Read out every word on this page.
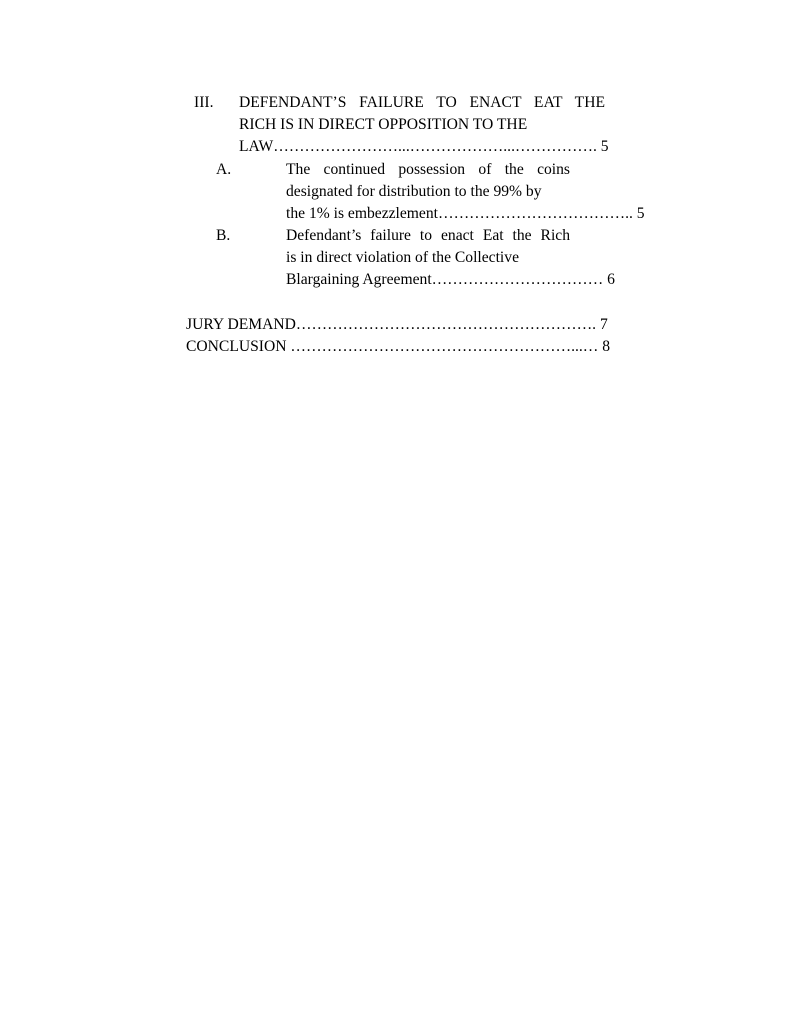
III. DEFENDANT’S FAILURE TO ENACT EAT THE
RICH IS IN DIRECT OPPOSITION TO THE
LAW……………………...………………...……………. 5
A.	The continued possession of the coins
designated for distribution to the 99% by
the 1% is embezzlement……………………………….. 5
B.	Defendant’s failure to enact Eat the Rich
is in direct violation of the Collective
Blargaining Agreement…………………………… 6
JURY DEMAND…………………………………………………. 7
CONCLUSION ………………………………………………...… 8
